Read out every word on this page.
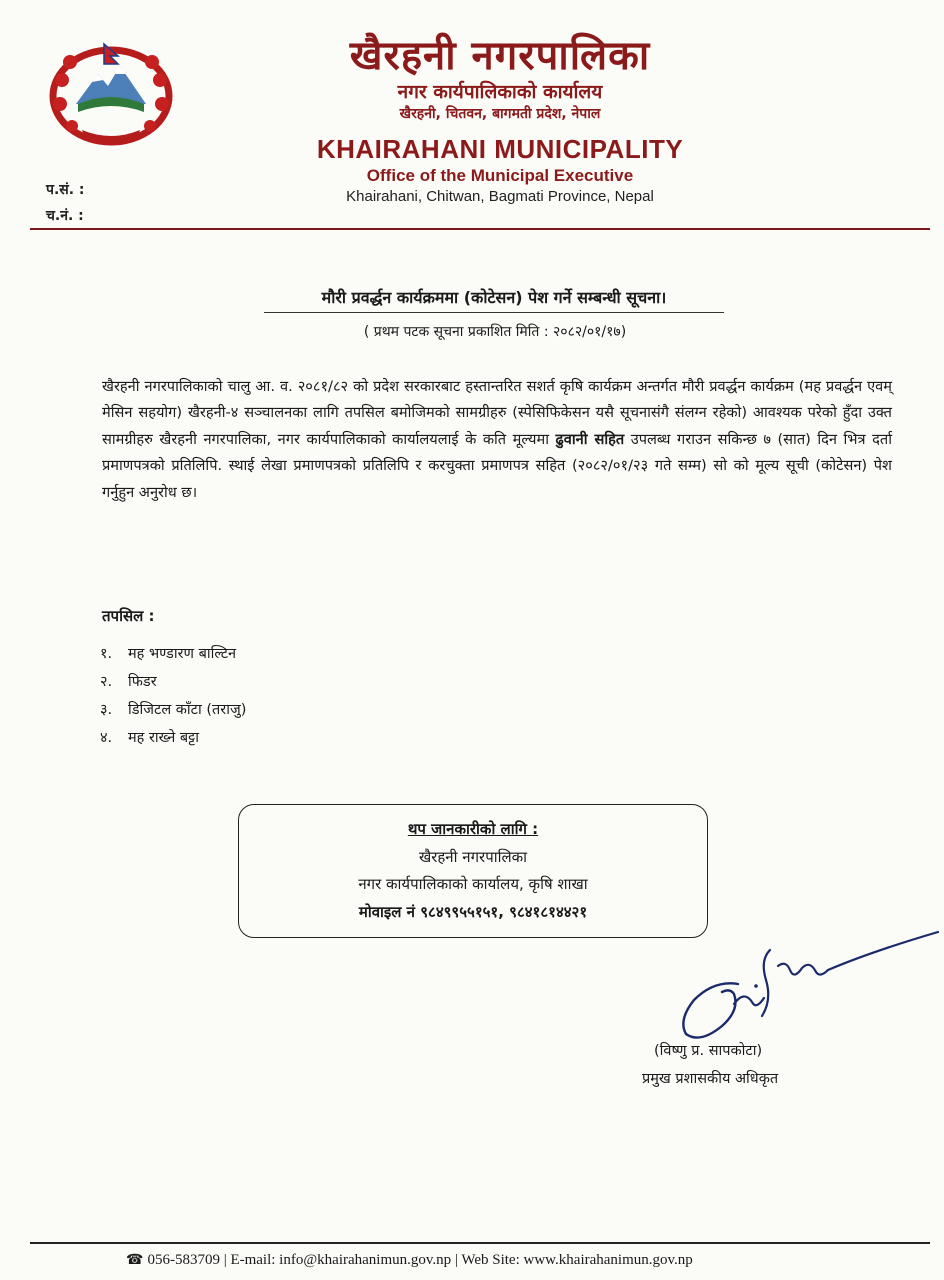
खैरहनी नगरपालिका
नगर कार्यपालिकाको कार्यालय
खैरहनी, चितवन, बागमती प्रदेश, नेपाल
KHAIRAHANI MUNICIPALITY
Office of the Municipal Executive
Khairahani, Chitwan, Bagmati Province, Nepal
प.सं. :
च.नं. :
मौरी प्रवर्द्धन कार्यक्रममा (कोटेसन) पेश गर्ने सम्बन्धी सूचना।
( प्रथम पटक सूचना प्रकाशित मिति : २०८२/०१/१७)
खैरहनी नगरपालिकाको चालु आ. व. २०८१/८२ को प्रदेश सरकारबाट हस्तान्तरित सशर्त कृषि कार्यक्रम अन्तर्गत मौरी प्रवर्द्धन कार्यक्रम (मह प्रवर्द्धन एवम् मेसिन सहयोग) खैरहनी-४ सञ्चालनका लागि तपसिल बमोजिमको सामग्रीहरु (स्पेसिफिकेसन यसै सूचनासंगै संलग्न रहेको) आवश्यक परेको हुँदा उक्त सामग्रीहरु खैरहनी नगरपालिका, नगर कार्यपालिकाको कार्यालयलाई के कति मूल्यमा ढुवानी सहित उपलब्ध गराउन सकिन्छ ७ (सात) दिन भित्र दर्ता प्रमाणपत्रको प्रतिलिपि. स्थाई लेखा प्रमाणपत्रको प्रतिलिपि र करचुक्ता प्रमाणपत्र सहित (२०८२/०१/२३ गते सम्म) सो को मूल्य सूची (कोटेसन) पेश गर्नुहुन अनुरोध छ।
तपसिल :
१. मह भण्डारण बाल्टिन
२. फिडर
३. डिजिटल काँटा (तराजु)
४. मह राख्ने बट्टा
थप जानकारीको लागि :
खैरहनी नगरपालिका
नगर कार्यपालिकाको कार्यालय, कृषि शाखा
मोवाइल नं ९८४९९५५१५१, ९८४१८१४४२१
(विष्णु प्र. सापकोटा)
प्रमुख प्रशासकीय अधिकृत
☎ 056-583709 | E-mail: info@khairahanimun.gov.np | Web Site: www.khairahanimun.gov.np
